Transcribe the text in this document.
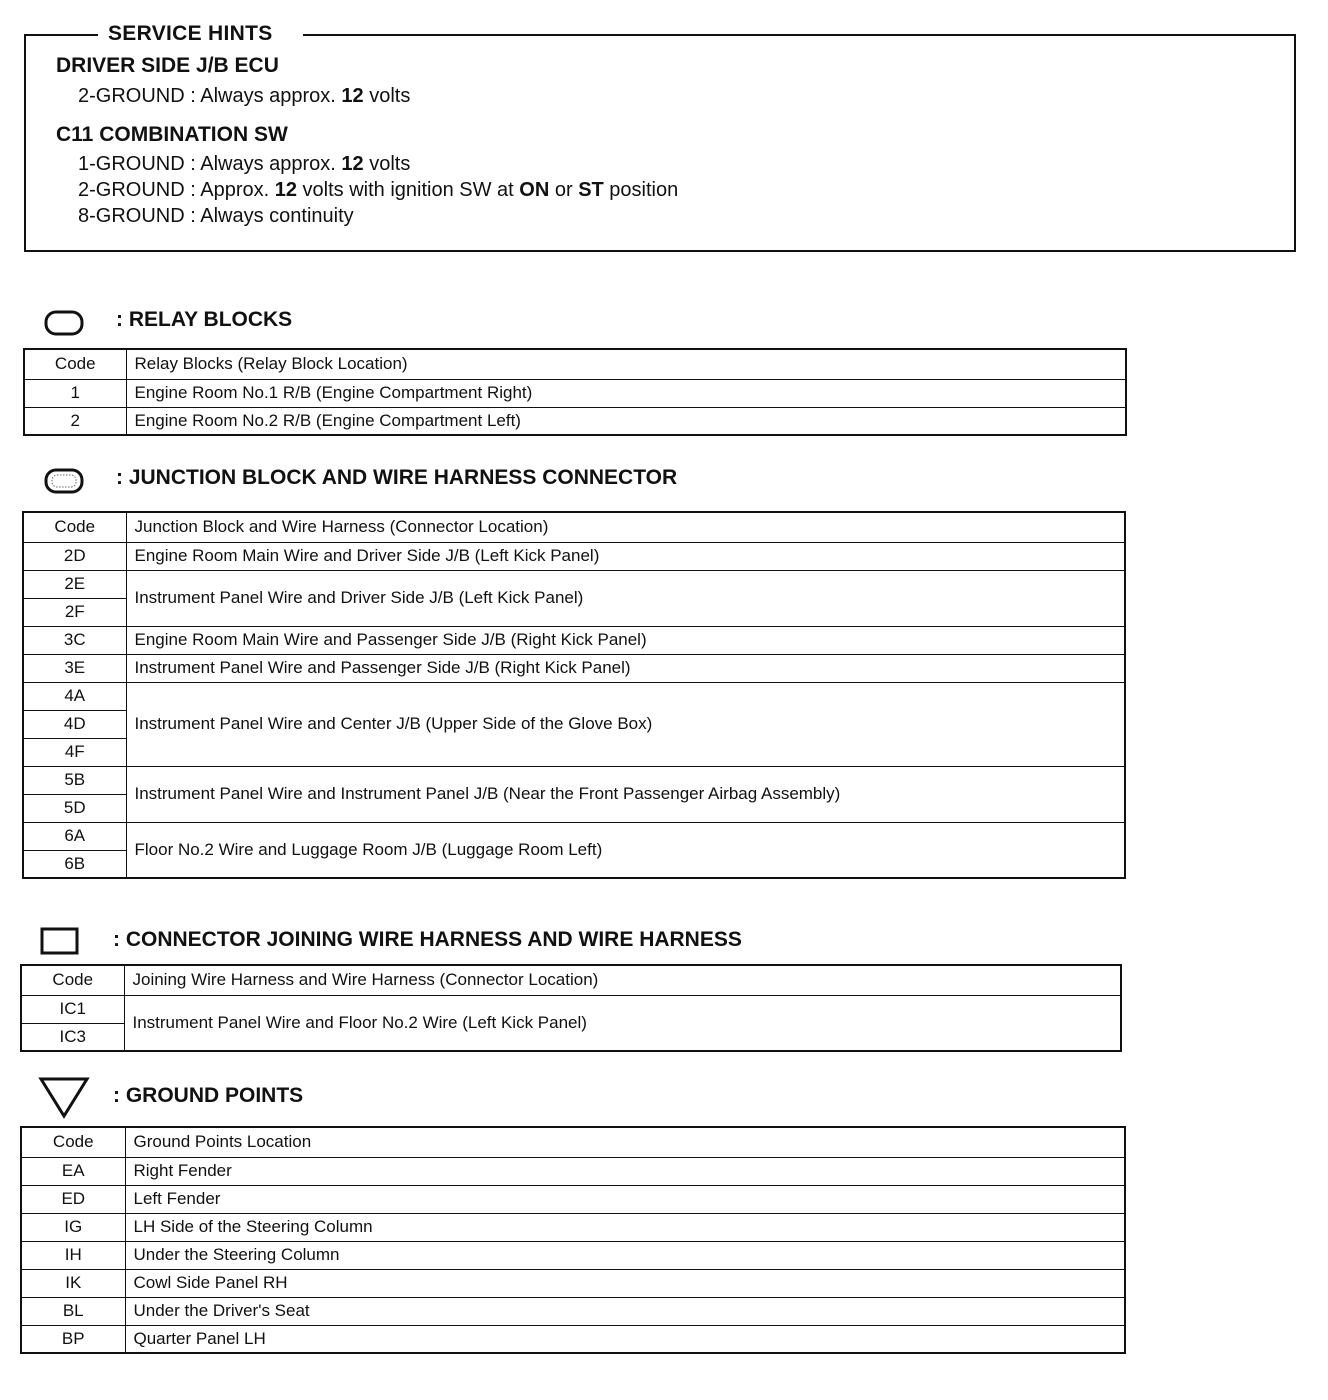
SERVICE HINTS
DRIVER SIDE J/B ECU
2-GROUND : Always approx. 12 volts
C11 COMBINATION SW
1-GROUND : Always approx. 12 volts
2-GROUND : Approx. 12 volts with ignition SW at ON or ST position
8-GROUND : Always continuity
: RELAY BLOCKS
Code	Relay Blocks (Relay Block Location)
1	Engine Room No.1 R/B (Engine Compartment Right)
2	Engine Room No.2 R/B (Engine Compartment Left)
: JUNCTION BLOCK AND WIRE HARNESS CONNECTOR
Code	Junction Block and Wire Harness (Connector Location)
2D	Engine Room Main Wire and Driver Side J/B (Left Kick Panel)
2E	Instrument Panel Wire and Driver Side J/B (Left Kick Panel)
2F	
3C	Engine Room Main Wire and Passenger Side J/B (Right Kick Panel)
3E	Instrument Panel Wire and Passenger Side J/B (Right Kick Panel)
4A	Instrument Panel Wire and Center J/B (Upper Side of the Glove Box)
4D	
4F	
5B	Instrument Panel Wire and Instrument Panel J/B (Near the Front Passenger Airbag Assembly)
5D	
6A	Floor No.2 Wire and Luggage Room J/B (Luggage Room Left)
6B	
: CONNECTOR JOINING WIRE HARNESS AND WIRE HARNESS
Code	Joining Wire Harness and Wire Harness (Connector Location)
IC1	Instrument Panel Wire and Floor No.2 Wire (Left Kick Panel)
IC3	
: GROUND POINTS
Code	Ground Points Location
EA	Right Fender
ED	Left Fender
IG	LH Side of the Steering Column
IH	Under the Steering Column
IK	Cowl Side Panel RH
BL	Under the Driver's Seat
BP	Quarter Panel LH
